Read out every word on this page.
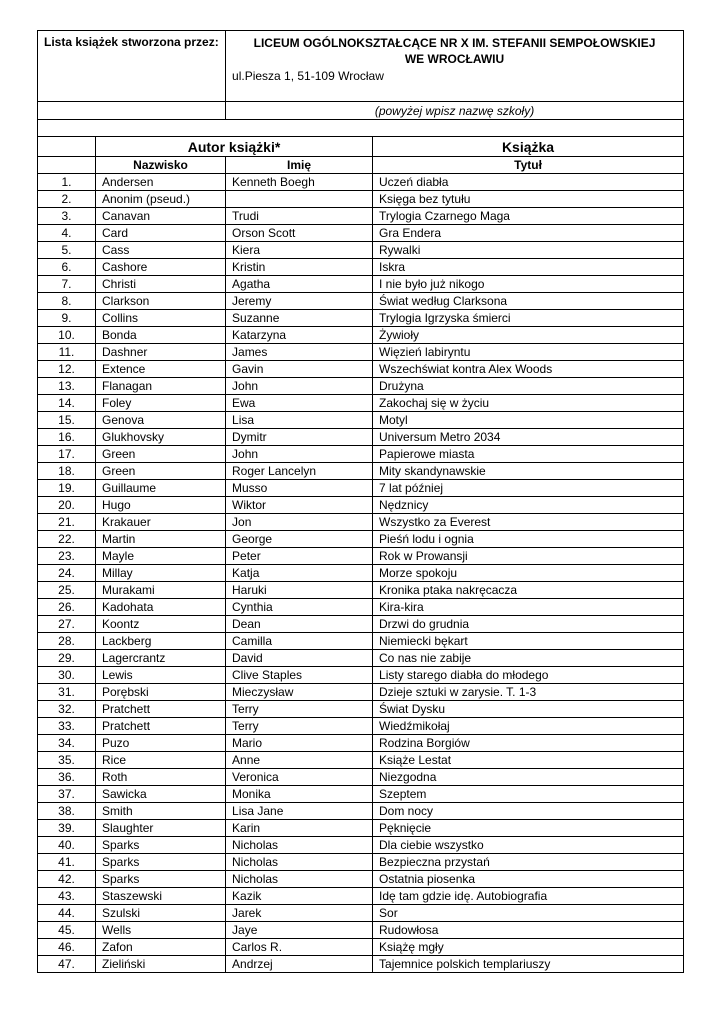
Lista książek stworzona przez:		LICEUM OGÓLNOKSZTAŁCĄCE NR X IM. STEFANII SEMPOŁOWSKIEJ
WE WROCŁAWIU
ul.Piesza 1, 51-109 Wrocław	

		(powyżej wpisz nazwę szkoły)	

	Autor książki*		Książka
	Nazwisko	Imię	Tytuł
1.	Andersen	Kenneth Boegh	Uczeń diabła
2.	Anonim (pseud.)		Księga bez tytułu
3.	Canavan	Trudi	Trylogia Czarnego Maga
4.	Card	Orson Scott	Gra Endera
5.	Cass	Kiera	Rywalki
6.	Cashore	Kristin	Iskra
7.	Christi	Agatha	I nie było już nikogo
8.	Clarkson	Jeremy	Świat według Clarksona
9.	Collins	Suzanne	Trylogia Igrzyska śmierci
10.	Bonda	Katarzyna	Żywioły
11.	Dashner	James	Więzień labiryntu
12.	Extence	Gavin	Wszechświat kontra Alex Woods
13.	Flanagan	John	Drużyna
14.	Foley	Ewa	Zakochaj się w życiu
15.	Genova	Lisa	Motyl
16.	Glukhovsky	Dymitr	Universum Metro 2034
17.	Green	John	Papierowe miasta
18.	Green	Roger Lancelyn	Mity skandynawskie
19.	Guillaume	Musso	7 lat później
20.	Hugo	Wiktor	Nędznicy
21.	Krakauer	Jon	Wszystko za Everest
22.	Martin	George	Pieśń lodu i ognia
23.	Mayle	Peter	Rok w Prowansji
24.	Millay	Katja	Morze spokoju
25.	Murakami	Haruki	Kronika ptaka nakręcacza
26.	Kadohata	Cynthia	Kira-kira
27.	Koontz	Dean	Drzwi do grudnia
28.	Lackberg	Camilla	Niemiecki bękart
29.	Lagercrantz	David	Co nas nie zabije
30.	Lewis	Clive Staples	Listy starego diabła do młodego
31.	Porębski	Mieczysław	Dzieje sztuki w zarysie. T. 1-3
32.	Pratchett	Terry	Świat Dysku
33.	Pratchett	Terry	Wiedźmikołaj
34.	Puzo	Mario	Rodzina Borgiów
35.	Rice	Anne	Książe Lestat
36.	Roth	Veronica	Niezgodna
37.	Sawicka	Monika	Szeptem
38.	Smith	Lisa Jane	Dom nocy
39.	Slaughter	Karin	Pęknięcie
40.	Sparks	Nicholas	Dla ciebie wszystko
41.	Sparks	Nicholas	Bezpieczna przystań
42.	Sparks	Nicholas	Ostatnia piosenka
43.	Staszewski	Kazik	Idę tam gdzie idę. Autobiografia
44.	Szulski	Jarek	Sor
45.	Wells	Jaye	Rudowłosa
46.	Zafon	Carlos R.	Książę mgły
47.	Zieliński	Andrzej	Tajemnice polskich templariuszy
